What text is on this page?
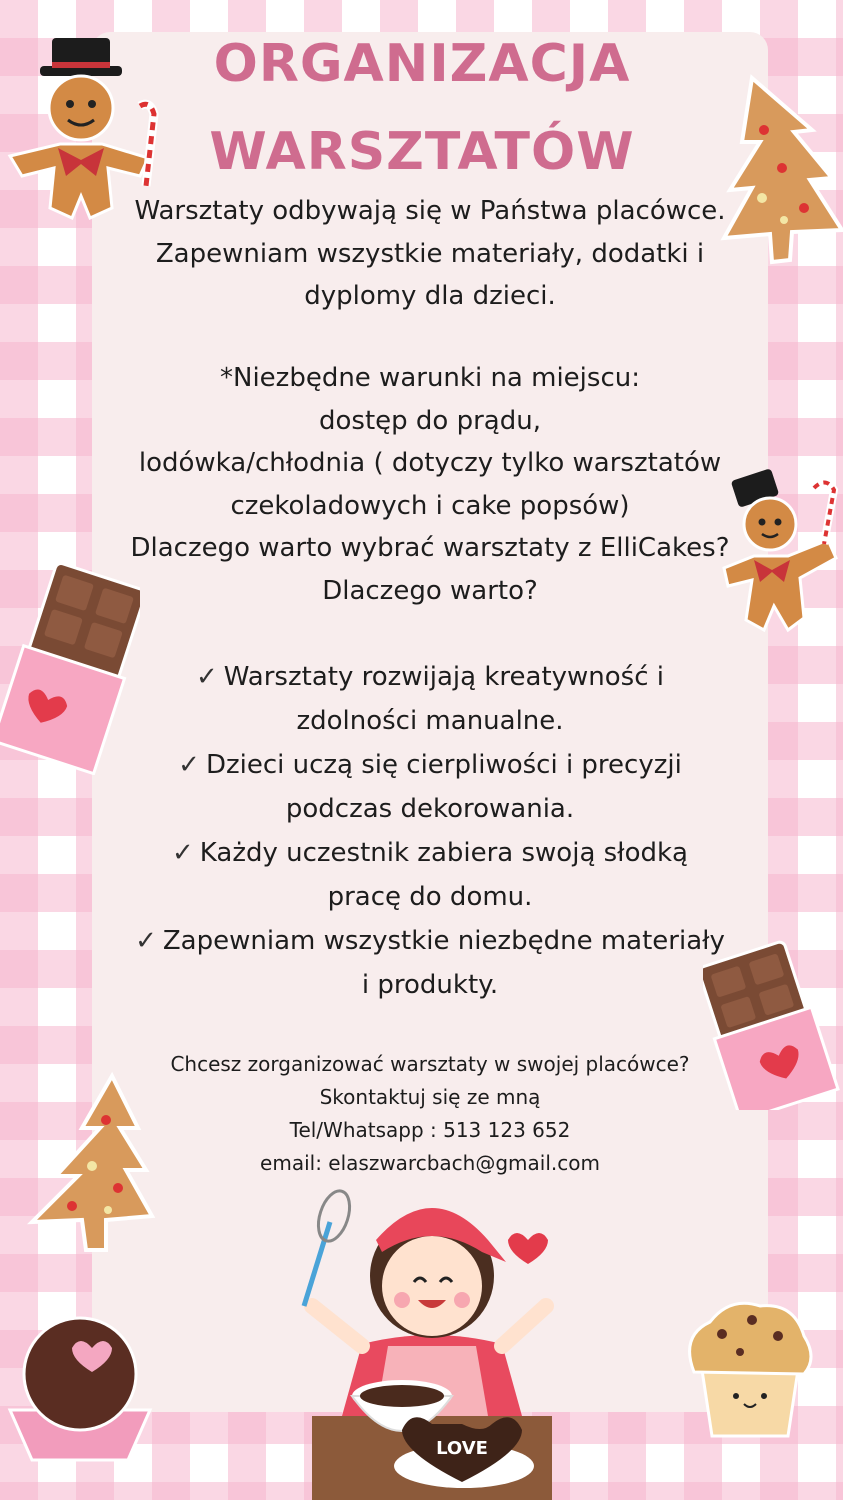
ORGANIZACJA
WARSZTATÓW
Warsztaty odbywają się w Państwa placówce.
Zapewniam wszystkie materiały, dodatki i
dyplomy dla dzieci.
*Niezbędne warunki na miejscu:
dostęp do prądu,
lodówka/chłodnia ( dotyczy tylko warsztatów
czekoladowych i cake popsów)
Dlaczego warto wybrać warsztaty z ElliCakes?
Dlaczego warto?
✓ Warsztaty rozwijają kreatywność i
zdolności manualne.
✓ Dzieci uczą się cierpliwości i precyzji
podczas dekorowania.
✓ Każdy uczestnik zabiera swoją słodką
pracę do domu.
✓ Zapewniam wszystkie niezbędne materiały
i produkty.
Chcesz zorganizować warsztaty w swojej placówce?
Skontaktuj się ze mną
Tel/Whatsapp : 513 123 652
email: elaszwarcbach@gmail.com
LOVE
